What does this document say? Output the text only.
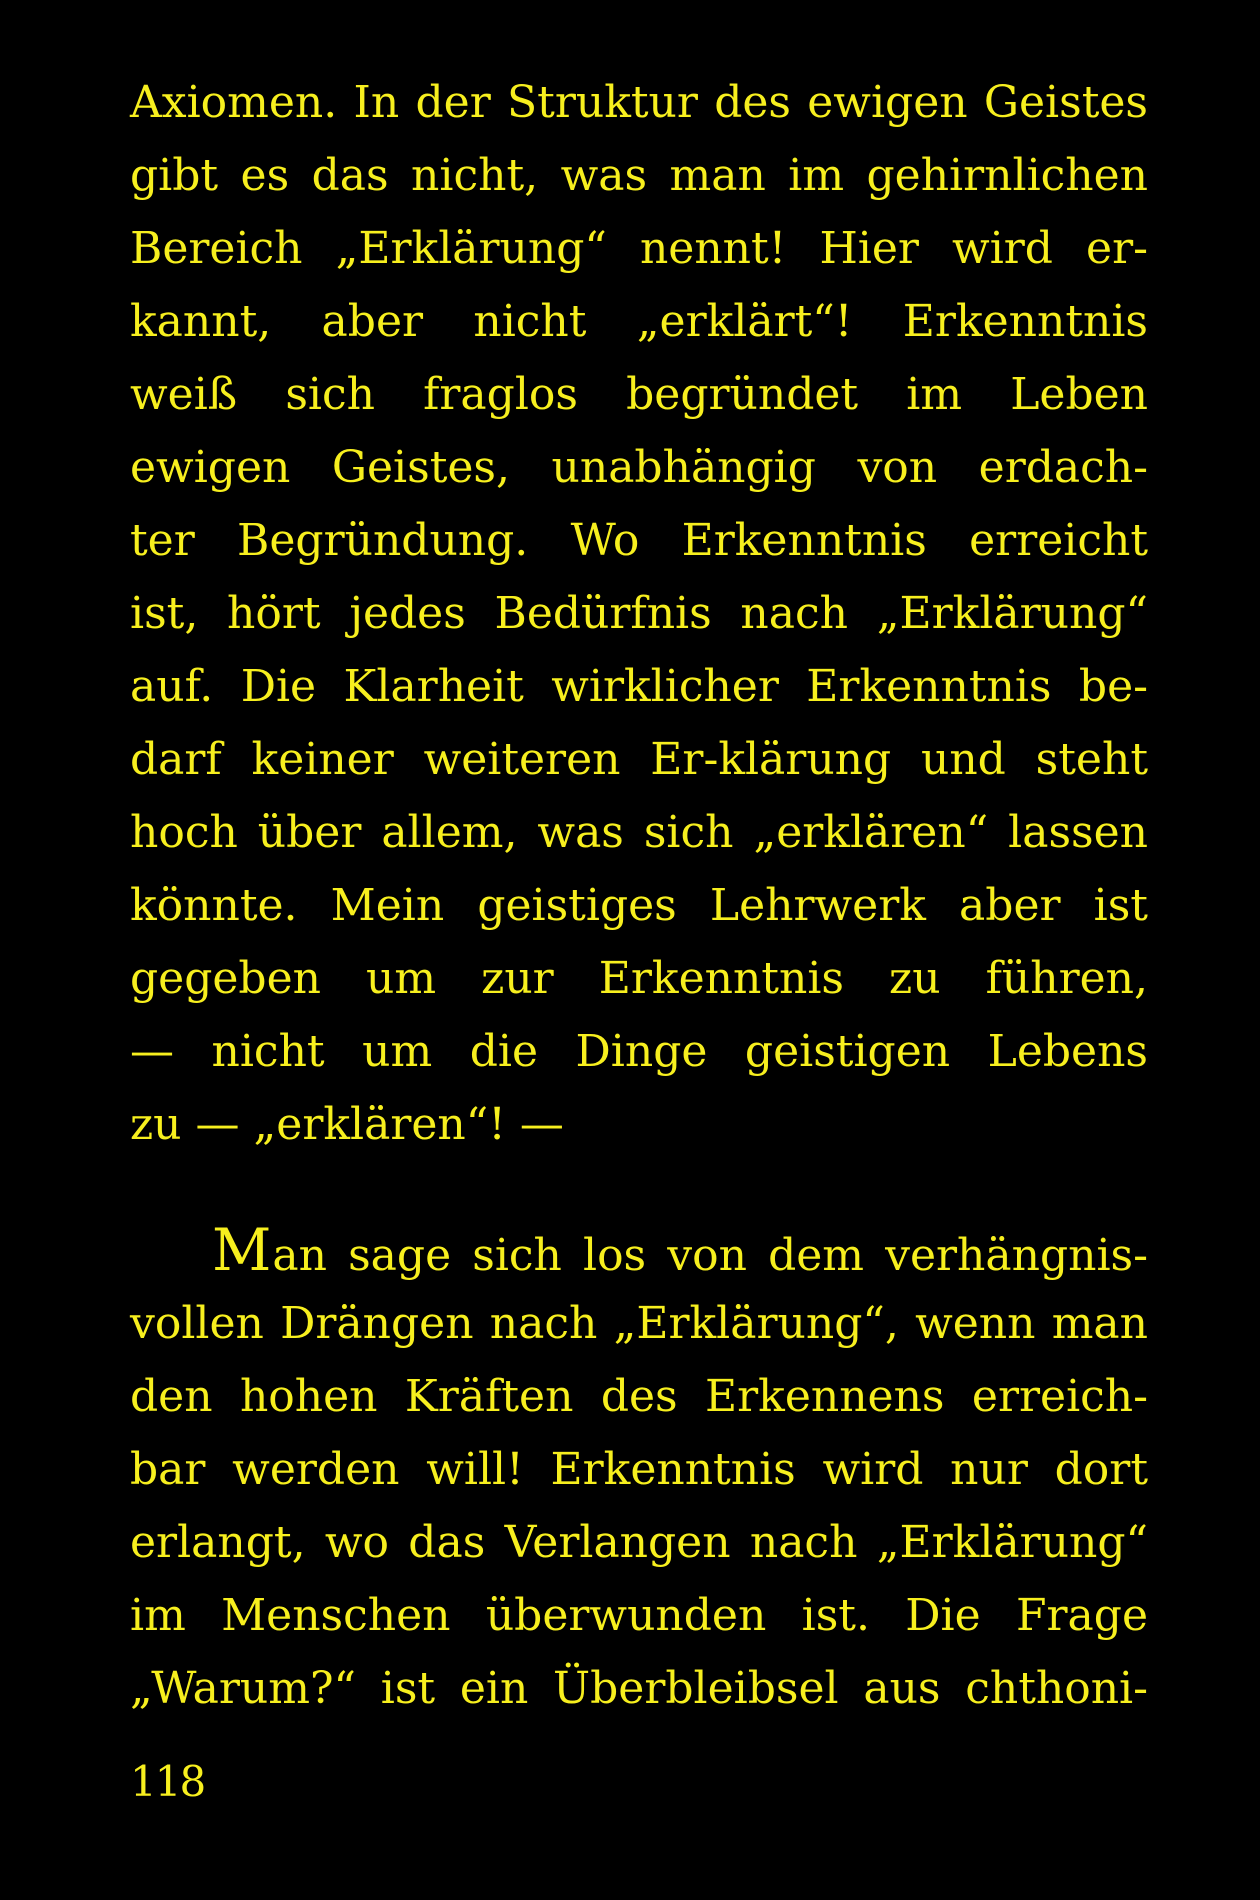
Axiomen. In der Struktur des ewigen Geistes
gibt es das nicht, was man im gehirnlichen
Bereich „Erklärung“ nennt! Hier wird er-
kannt, aber nicht „erklärt“! Erkenntnis
weiß sich fraglos begründet im Leben
ewigen Geistes, unabhängig von erdach-
ter Begründung. Wo Erkenntnis erreicht
ist, hört jedes Bedürfnis nach „Erklärung“
auf. Die Klarheit wirklicher Erkenntnis be-
darf keiner weiteren Er-klärung und steht
hoch über allem, was sich „erklären“ lassen
könnte. Mein geistiges Lehrwerk aber ist
gegeben um zur Erkenntnis zu führen,
— nicht um die Dinge geistigen Lebens
zu — „erklären“! —
Man sage sich los von dem verhängnis-
vollen Drängen nach „Erklärung“, wenn man
den hohen Kräften des Erkennens erreich-
bar werden will! Erkenntnis wird nur dort
erlangt, wo das Verlangen nach „Erklärung“
im Menschen überwunden ist. Die Frage
„Warum?“ ist ein Überbleibsel aus chthoni-
118
